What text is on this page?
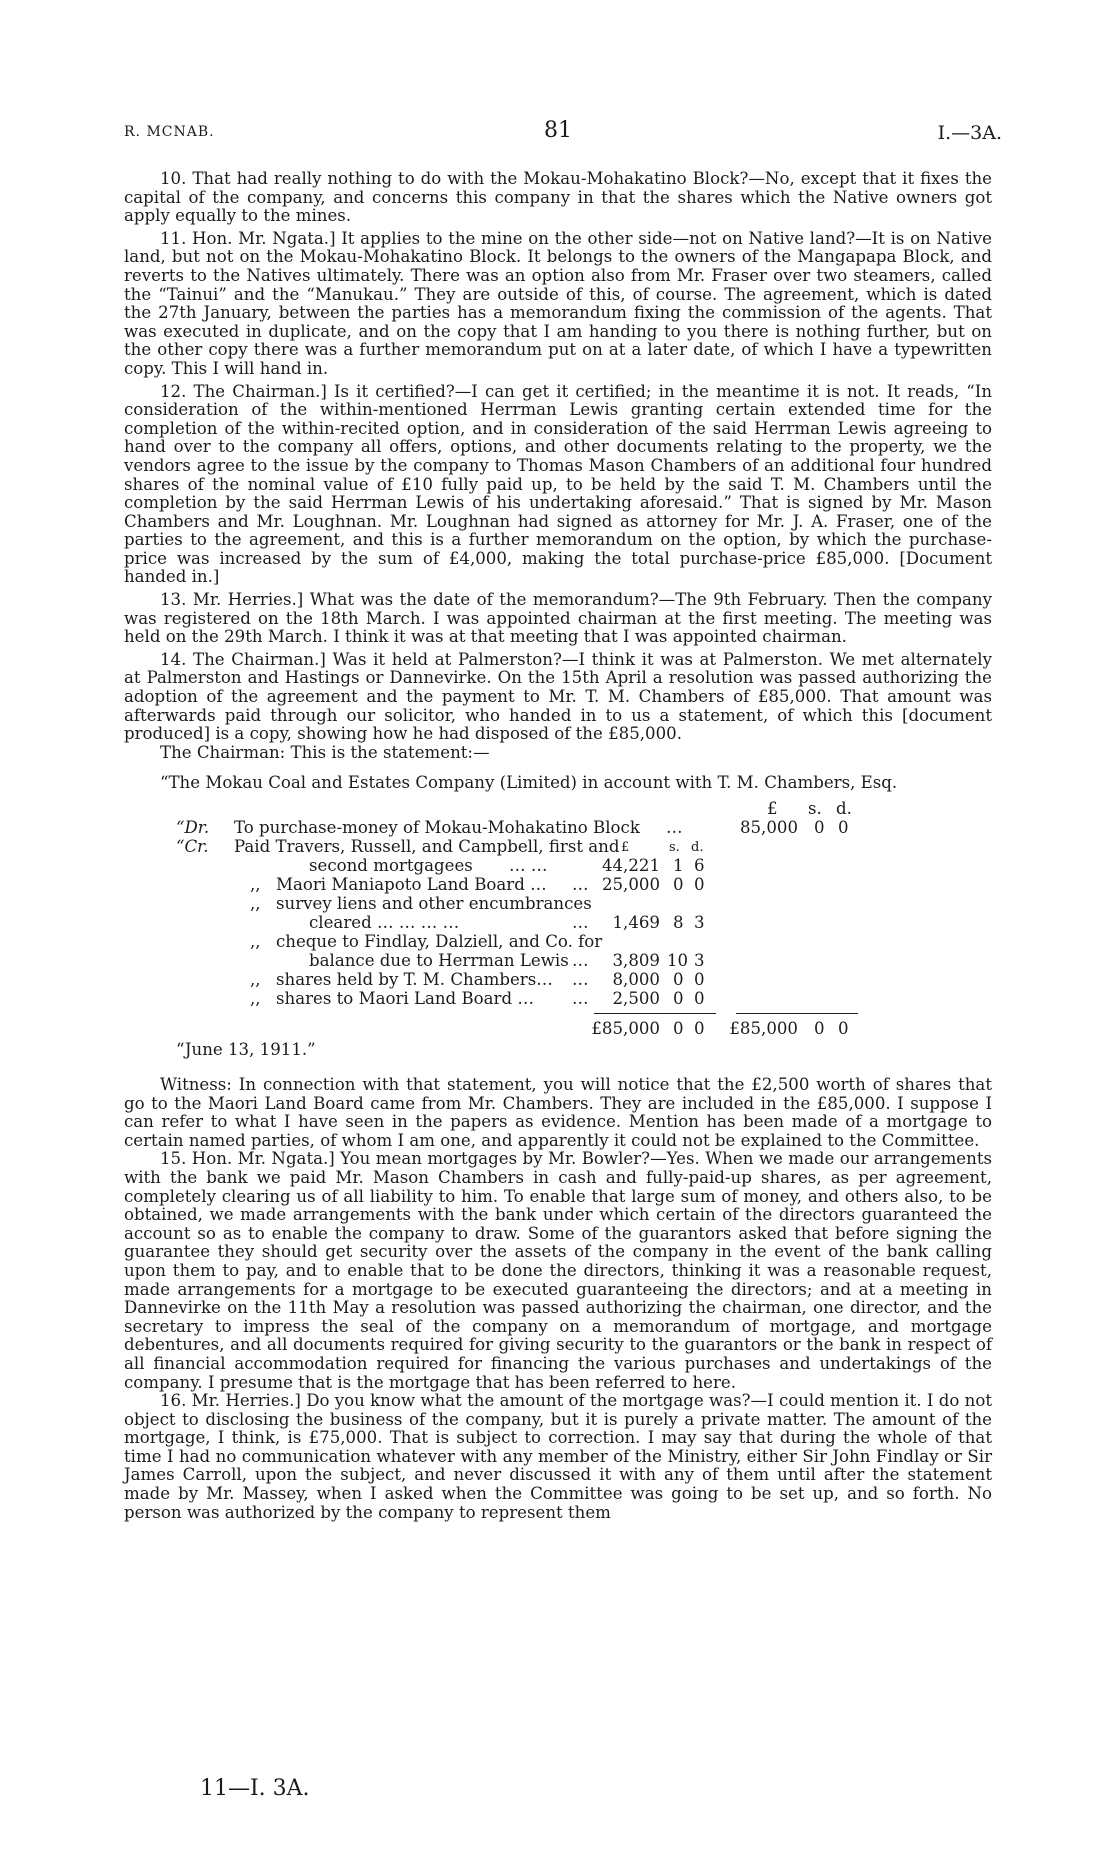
R. MCNAB.	81	I.—3A.

10. That had really nothing to do with the Mokau-Mohakatino Block?—No, except that it fixes the capital of the company, and concerns this company in that the shares which the Native owners got apply equally to the mines.

11. Hon. Mr. Ngata.] It applies to the mine on the other side—not on Native land?—It is on Native land, but not on the Mokau-Mohakatino Block. It belongs to the owners of the Mangapapa Block, and reverts to the Natives ultimately. There was an option also from Mr. Fraser over two steamers, called the “Tainui” and the “Manukau.” They are outside of this, of course. The agreement, which is dated the 27th January, between the parties has a memorandum fixing the commission of the agents. That was executed in duplicate, and on the copy that I am handing to you there is nothing further, but on the other copy there was a further memorandum put on at a later date, of which I have a typewritten copy. This I will hand in.

12. The Chairman.] Is it certified?—I can get it certified; in the meantime it is not. It reads, “In consideration of the within-mentioned Herrman Lewis granting certain extended time for the completion of the within-recited option, and in consideration of the said Herrman Lewis agreeing to hand over to the company all offers, options, and other documents relating to the property, we the vendors agree to the issue by the company to Thomas Mason Chambers of an additional four hundred shares of the nominal value of £10 fully paid up, to be held by the said T. M. Chambers until the completion by the said Herrman Lewis of his undertaking aforesaid.” That is signed by Mr. Mason Chambers and Mr. Loughnan. Mr. Loughnan had signed as attorney for Mr. J. A. Fraser, one of the parties to the agreement, and this is a further memorandum on the option, by which the purchase-price was increased by the sum of £4,000, making the total purchase-price £85,000. [Document handed in.]

13. Mr. Herries.] What was the date of the memorandum?—The 9th February. Then the company was registered on the 18th March. I was appointed chairman at the first meeting. The meeting was held on the 29th March. I think it was at that meeting that I was appointed chairman.

14. The Chairman.] Was it held at Palmerston?—I think it was at Palmerston. We met alternately at Palmerston and Hastings or Dannevirke. On the 15th April a resolution was passed authorizing the adoption of the agreement and the payment to Mr. T. M. Chambers of £85,000. That amount was afterwards paid through our solicitor, who handed in to us a statement, of which this [document produced] is a copy, showing how he had disposed of the £85,000.

The Chairman: This is the statement:—

“The Mokau Coal and Estates Company (Limited) in account with T. M. Chambers, Esq.

£ s. d.
“Dr. To purchase-money of Mokau-Mohakatino Block …	85,000 0 0
“Cr. Paid Travers, Russell, and Campbell, first and £	s. d.
second mortgagees … …	44,221 1 6
,, Maori Maniapoto Land Board … … 25,000 0 0
,, survey liens and other encumbrances
cleared … … … …	…	1,469 8 3
,, cheque to Findlay, Dalziell, and Co. for
balance due to Herrman Lewis …	3,809 10 3
,, shares held by T. M. Chambers… …	8,000 0 0
,, shares to Maori Land Board … …	2,500 0 0
£85,000 0 0	£85,000 0 0
“June 13, 1911.”

Witness: In connection with that statement, you will notice that the £2,500 worth of shares that go to the Maori Land Board came from Mr. Chambers. They are included in the £85,000. I suppose I can refer to what I have seen in the papers as evidence. Mention has been made of a mortgage to certain named parties, of whom I am one, and apparently it could not be explained to the Committee.

15. Hon. Mr. Ngata.] You mean mortgages by Mr. Bowler?—Yes. When we made our arrangements with the bank we paid Mr. Mason Chambers in cash and fully-paid-up shares, as per agreement, completely clearing us of all liability to him. To enable that large sum of money, and others also, to be obtained, we made arrangements with the bank under which certain of the directors guaranteed the account so as to enable the company to draw. Some of the guarantors asked that before signing the guarantee they should get security over the assets of the company in the event of the bank calling upon them to pay, and to enable that to be done the directors, thinking it was a reasonable request, made arrangements for a mortgage to be executed guaranteeing the directors; and at a meeting in Dannevirke on the 11th May a resolution was passed authorizing the chairman, one director, and the secretary to impress the seal of the company on a memorandum of mortgage, and mortgage debentures, and all documents required for giving security to the guarantors or the bank in respect of all financial accommodation required for financing the various purchases and undertakings of the company. I presume that is the mortgage that has been referred to here.

16. Mr. Herries.] Do you know what the amount of the mortgage was?—I could mention it. I do not object to disclosing the business of the company, but it is purely a private matter. The amount of the mortgage, I think, is £75,000. That is subject to correction. I may say that during the whole of that time I had no communication whatever with any member of the Ministry, either Sir John Findlay or Sir James Carroll, upon the subject, and never discussed it with any of them until after the statement made by Mr. Massey, when I asked when the Committee was going to be set up, and so forth. No person was authorized by the company to represent them

11—I. 3A.
